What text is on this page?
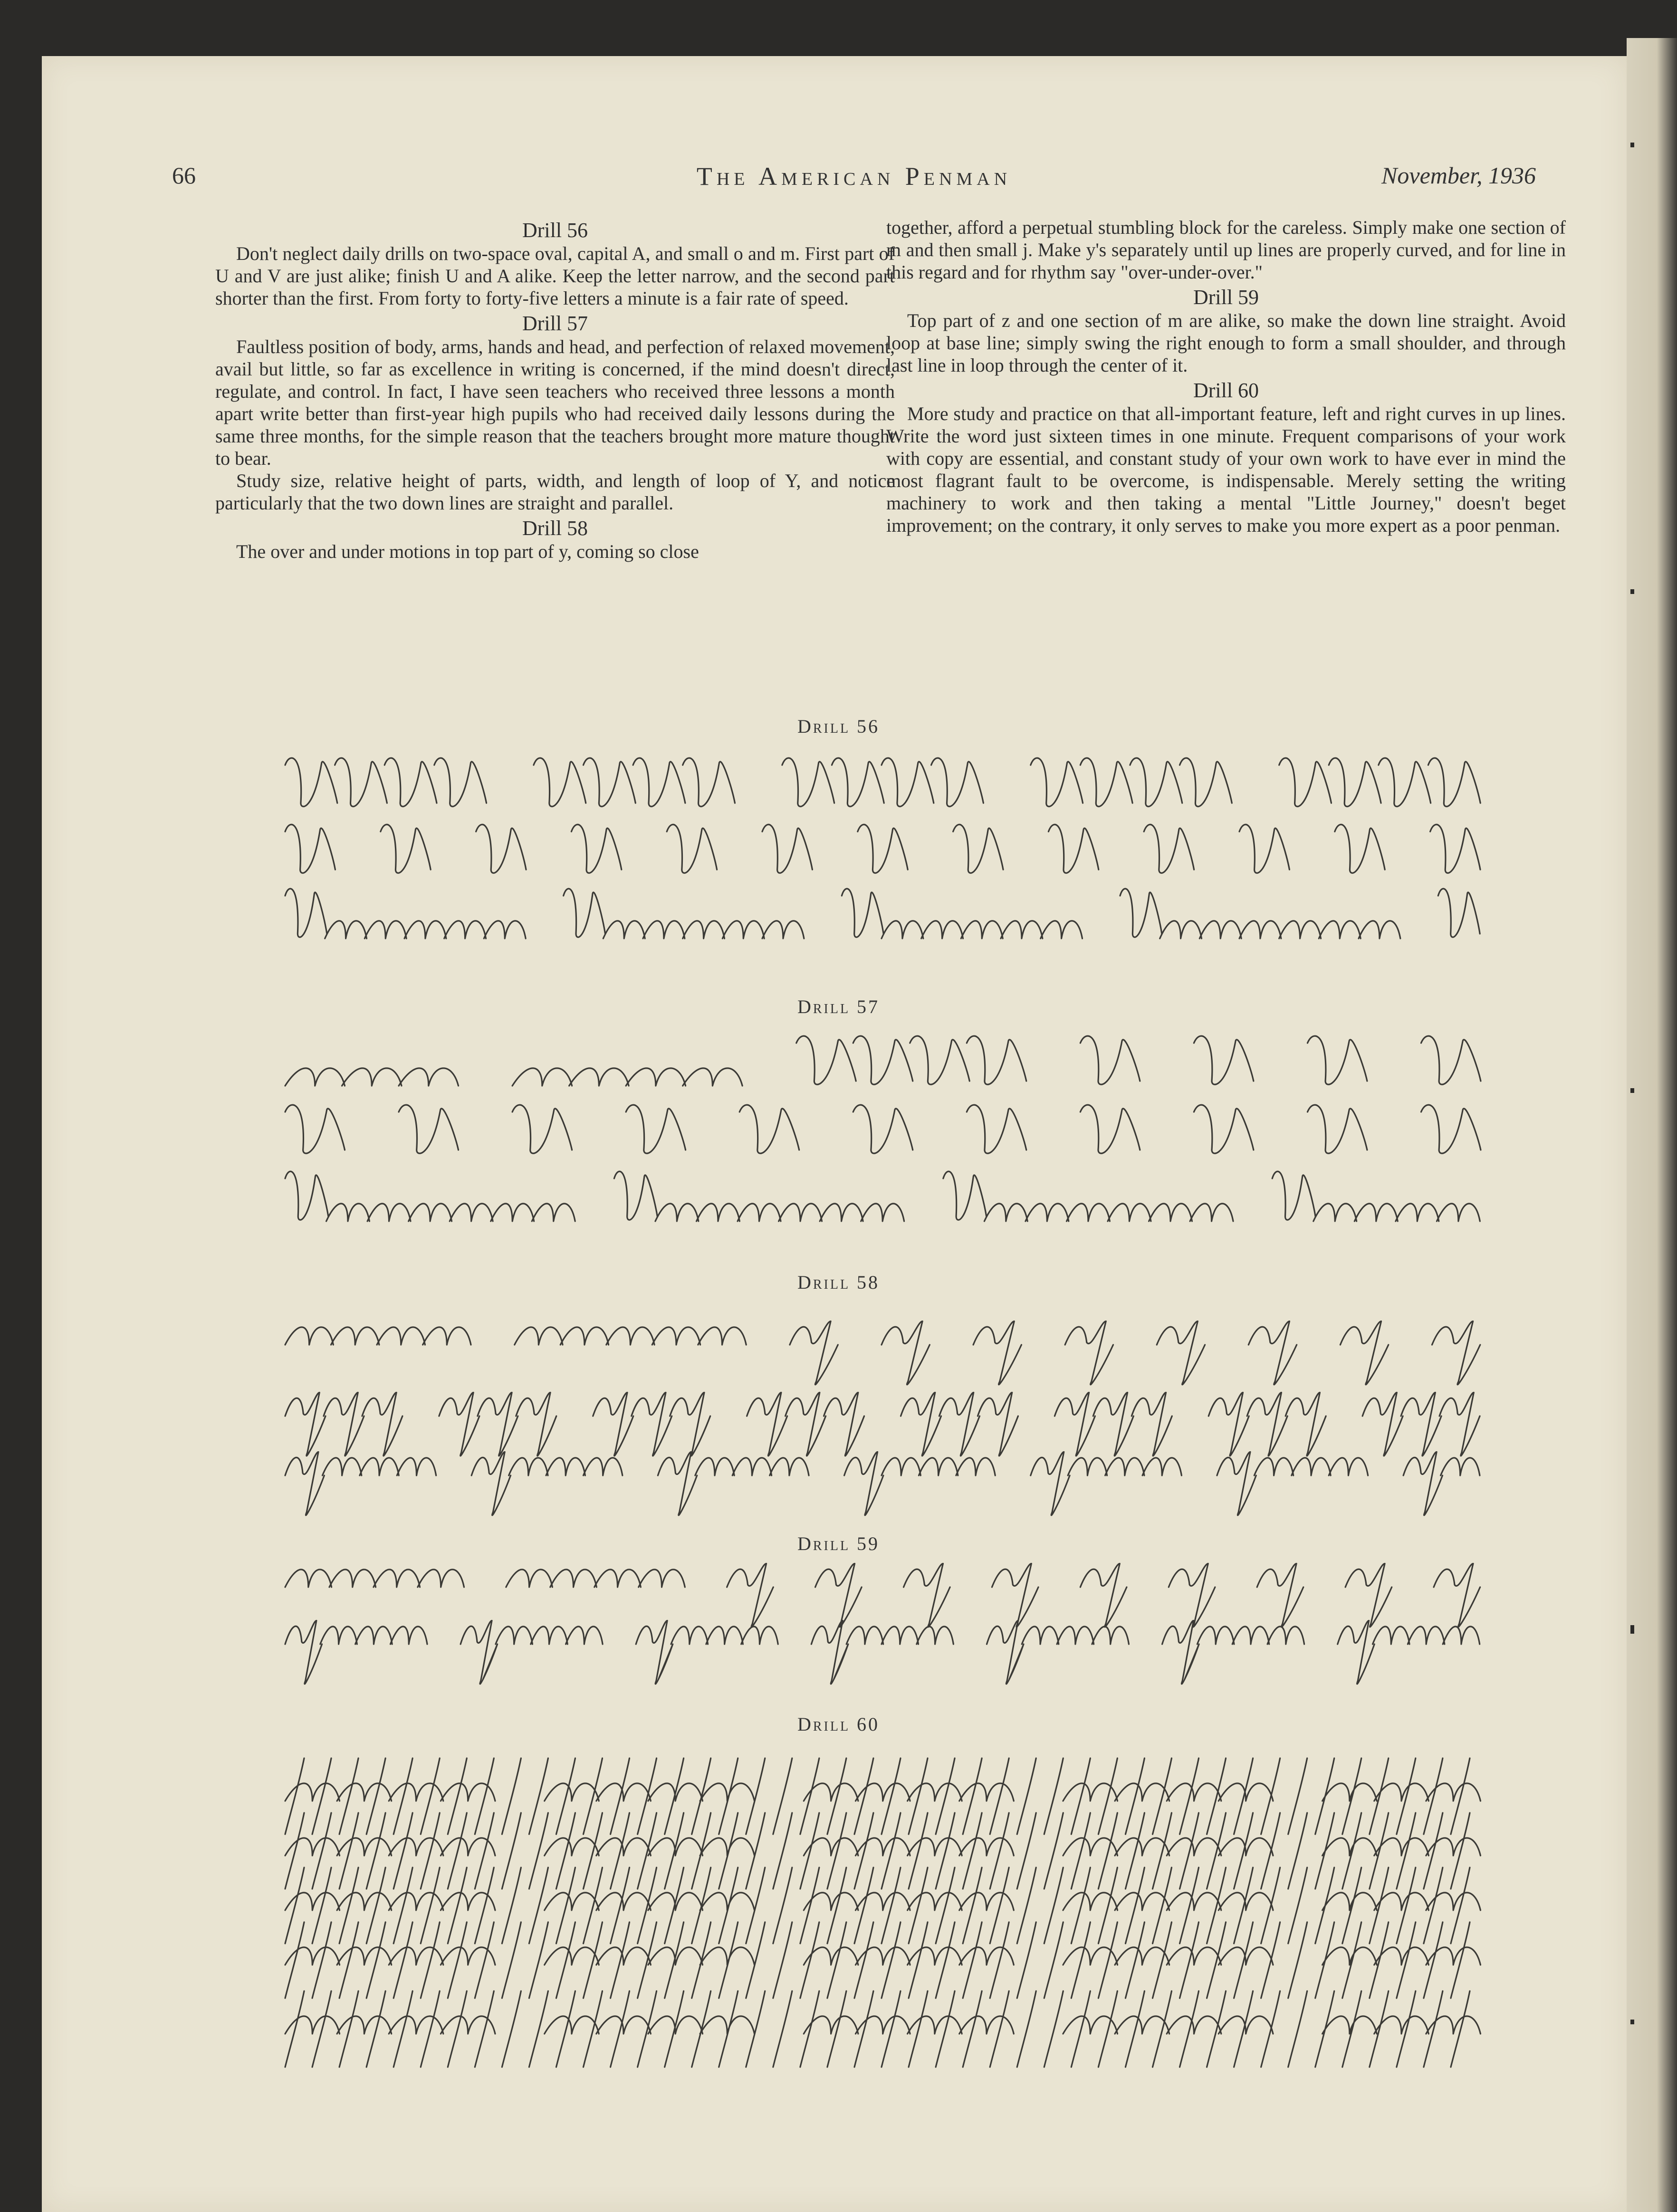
66	The American Penman	November, 1936
Drill 56

Don't neglect daily drills on two-space oval, capital A, and small o and m. First part of U and V are just alike; finish U and A alike. Keep the letter narrow, and the second part shorter than the first. From forty to forty-five letters a minute is a fair rate of speed.

Drill 57

Faultless position of body, arms, hands and head, and perfection of relaxed movement, avail but little, so far as excellence in writing is concerned, if the mind doesn't direct, regulate, and control. In fact, I have seen teachers who received three lessons a month apart write better than first-year high pupils who had received daily lessons during the same three months, for the simple reason that the teachers brought more mature thought to bear.

Study size, relative height of parts, width, and length of loop of Y, and notice particularly that the two down lines are straight and parallel.

Drill 58

The over and under motions in top part of y, coming so close

together, afford a perpetual stumbling block for the careless. Simply make one section of m and then small j. Make y's separately until up lines are properly curved, and for line in this regard and for rhythm say "over-under-over."

Drill 59

Top part of z and one section of m are alike, so make the down line straight. Avoid loop at base line; simply swing the right enough to form a small shoulder, and through last line in loop through the center of it.

Drill 60

More study and practice on that all-important feature, left and right curves in up lines. Write the word just sixteen times in one minute. Frequent comparisons of your work with copy are essential, and constant study of your own work to have ever in mind the most flagrant fault to be overcome, is indispensable. Merely setting the writing machinery to work and then taking a mental "Little Journey," doesn't beget improvement; on the contrary, it only serves to make you more expert as a poor penman.

Drill 56
Drill 57
Drill 58
Drill 59
Drill 60
